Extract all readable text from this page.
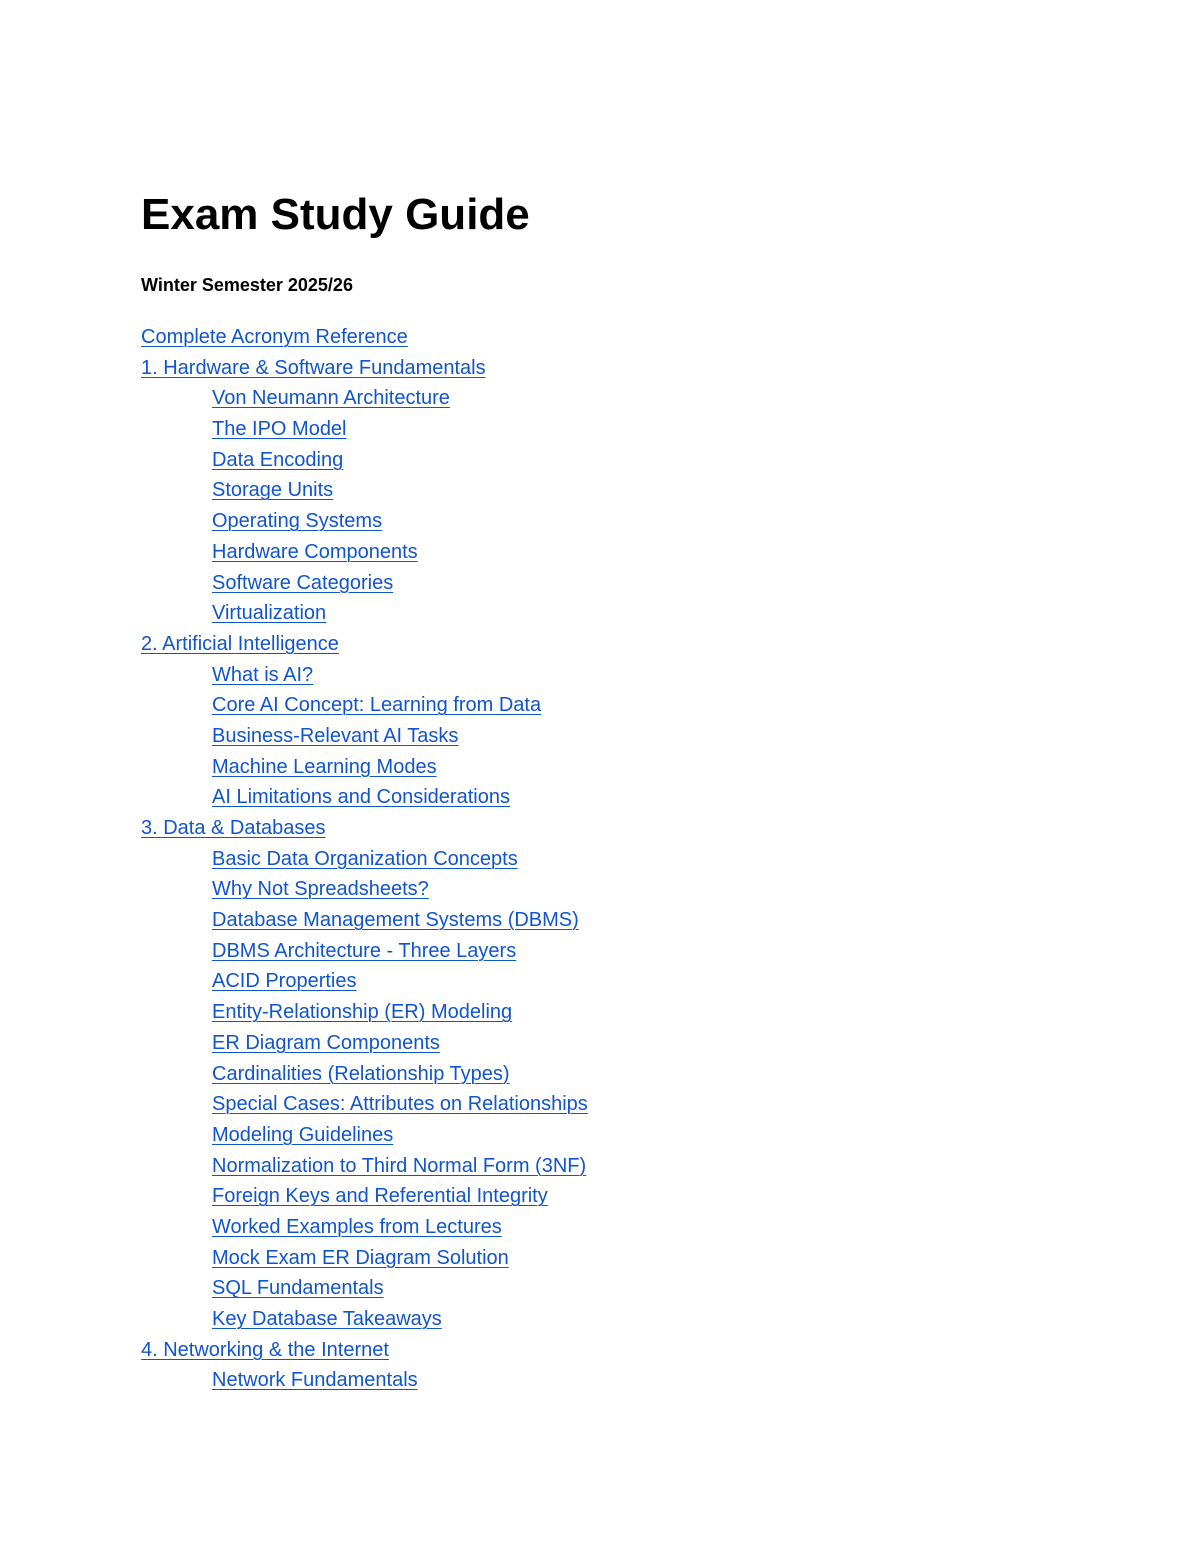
Exam Study Guide

Winter Semester 2025/26

Complete Acronym Reference
1. Hardware & Software Fundamentals
Von Neumann Architecture
The IPO Model
Data Encoding
Storage Units
Operating Systems
Hardware Components
Software Categories
Virtualization
2. Artificial Intelligence
What is AI?
Core AI Concept: Learning from Data
Business-Relevant AI Tasks
Machine Learning Modes
AI Limitations and Considerations
3. Data & Databases
Basic Data Organization Concepts
Why Not Spreadsheets?
Database Management Systems (DBMS)
DBMS Architecture - Three Layers
ACID Properties
Entity-Relationship (ER) Modeling
ER Diagram Components
Cardinalities (Relationship Types)
Special Cases: Attributes on Relationships
Modeling Guidelines
Normalization to Third Normal Form (3NF)
Foreign Keys and Referential Integrity
Worked Examples from Lectures
Mock Exam ER Diagram Solution
SQL Fundamentals
Key Database Takeaways
4. Networking & the Internet
Network Fundamentals
